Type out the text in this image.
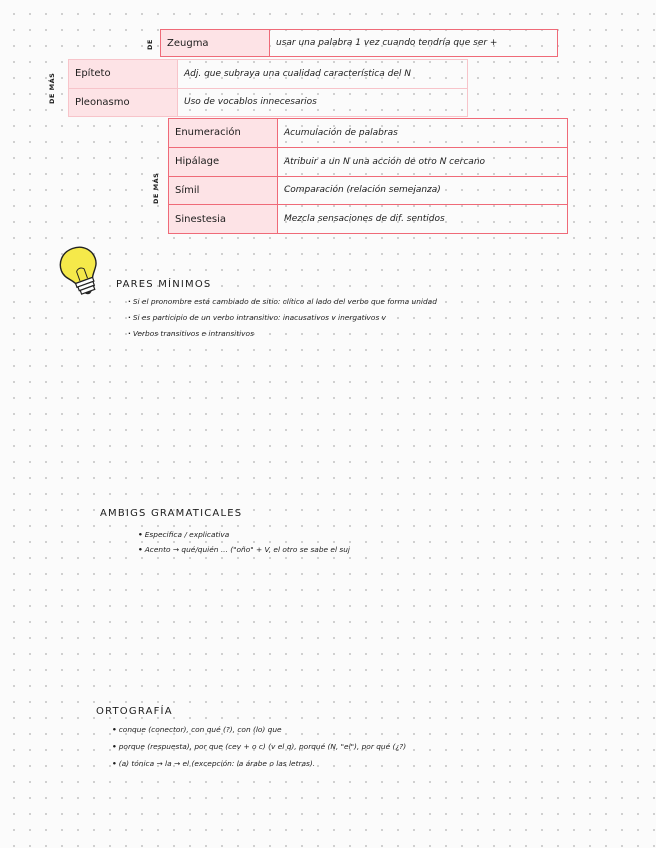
DE Zeugma	usar una palabra 1 vez cuando tendría que ser +
DE MÁS Epíteto	Adj. que subraya una cualidad característica del N
Pleonasmo	Uso de vocablos innecesarios
DE MÁS
Enumeración	Acumulación de palabras
Hipálage	Atribuir a un N una acción de otro N cercano
Símil	Comparación (relación semejanza)
Sinestesia	Mezcla sensaciones de dif. sentidos
PARES MÍNIMOS
· Si el pronombre está cambiado de sitio: clítico al lado del verbo que forma unidad
· Si es participio de un verbo intransitivo: inacusativos v inergativos v
· Verbos transitivos e intransitivos
AMBIGS GRAMATICALES
• Especifica / explicativa
• Acento → qué/quién ... ("oño" + V, el otro se sabe el suj
ORTOGRAFÍA
• conque (conector), con qué (?), con (lo) que
• porque (respuesta), por que (cev + o c) (v el q), porqué (N, "el"), por qué (¿?)
• (a) tónica → la → el (excepción: la árabe o las letras).
